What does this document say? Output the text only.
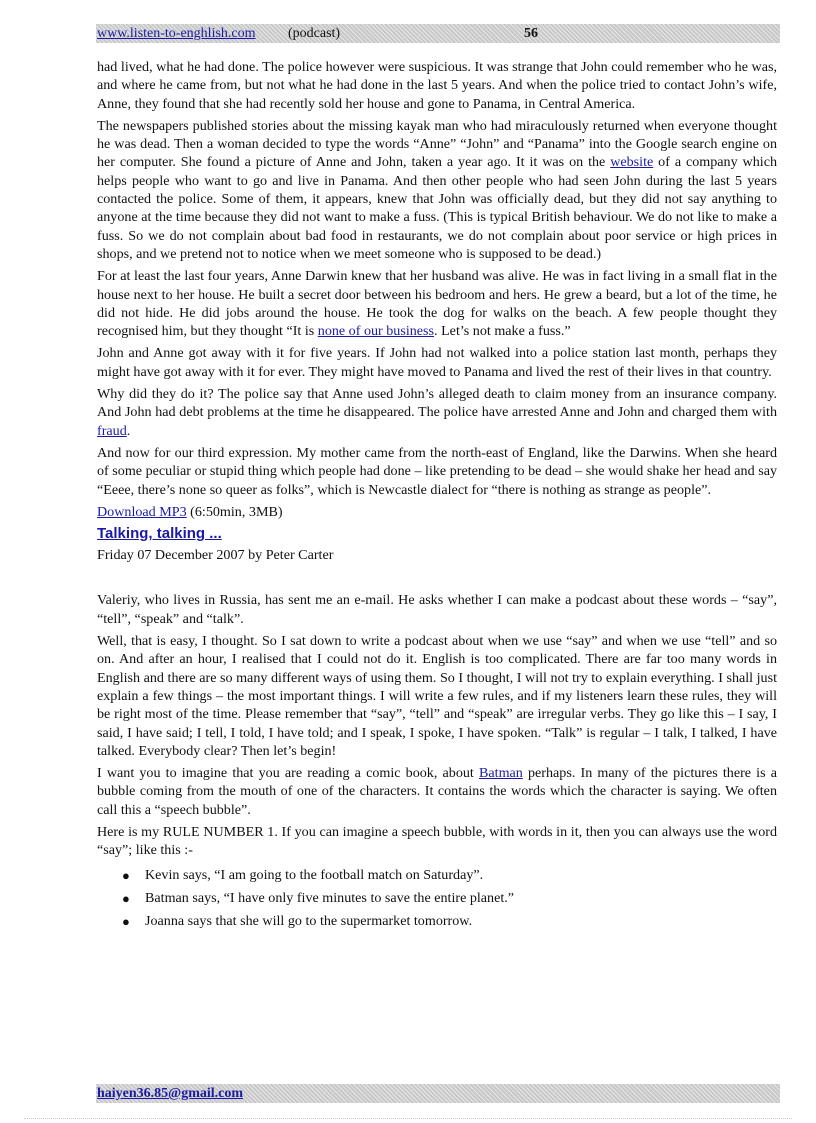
www.listen-to-enghlish.com (podcast)	56

had lived, what he had done. The police however were suspicious. It was strange that John could remember who he was, and where he came from, but not what he had done in the last 5 years. And when the police tried to contact John’s wife, Anne, they found that she had recently sold her house and gone to Panama, in Central America.

The newspapers published stories about the missing kayak man who had miraculously returned when everyone thought he was dead. Then a woman decided to type the words “Anne” “John” and “Panama” into the Google search engine on her computer. She found a picture of Anne and John, taken a year ago. It it was on the website of a company which helps people who want to go and live in Panama. And then other people who had seen John during the last 5 years contacted the police. Some of them, it appears, knew that John was officially dead, but they did not say anything to anyone at the time because they did not want to make a fuss. (This is typical British behaviour. We do not like to make a fuss. So we do not complain about bad food in restaurants, we do not complain about poor service or high prices in shops, and we pretend not to notice when we meet someone who is supposed to be dead.)

For at least the last four years, Anne Darwin knew that her husband was alive. He was in fact living in a small flat in the house next to her house. He built a secret door between his bedroom and hers. He grew a beard, but a lot of the time, he did not hide. He did jobs around the house. He took the dog for walks on the beach. A few people thought they recognised him, but they thought “It is none of our business. Let’s not make a fuss.”

John and Anne got away with it for five years. If John had not walked into a police station last month, perhaps they might have got away with it for ever. They might have moved to Panama and lived the rest of their lives in that country.

Why did they do it? The police say that Anne used John’s alleged death to claim money from an insurance company. And John had debt problems at the time he disappeared. The police have arrested Anne and John and charged them with fraud.

And now for our third expression. My mother came from the north-east of England, like the Darwins. When she heard of some peculiar or stupid thing which people had done – like pretending to be dead – she would shake her head and say “Eeee, there’s none so queer as folks”, which is Newcastle dialect for “there is nothing as strange as people”.

Download MP3 (6:50min, 3MB)

Talking, talking ...

Friday 07 December 2007 by Peter Carter

Valeriy, who lives in Russia, has sent me an e-mail. He asks whether I can make a podcast about these words – “say”, “tell”, “speak” and “talk”.

Well, that is easy, I thought. So I sat down to write a podcast about when we use “say” and when we use “tell” and so on. And after an hour, I realised that I could not do it. English is too complicated. There are far too many words in English and there are so many different ways of using them. So I thought, I will not try to explain everything. I shall just explain a few things – the most important things. I will write a few rules, and if my listeners learn these rules, they will be right most of the time. Please remember that “say”, “tell” and “speak” are irregular verbs. They go like this – I say, I said, I have said; I tell, I told, I have told; and I speak, I spoke, I have spoken. “Talk” is regular – I talk, I talked, I have talked. Everybody clear? Then let’s begin!

I want you to imagine that you are reading a comic book, about Batman perhaps. In many of the pictures there is a bubble coming from the mouth of one of the characters. It contains the words which the character is saying. We often call this a “speech bubble”.

Here is my RULE NUMBER 1. If you can imagine a speech bubble, with words in it, then you can always use the word “say”; like this :-

● Kevin says, “I am going to the football match on Saturday”.
● Batman says, “I have only five minutes to save the entire planet.”
● Joanna says that she will go to the supermarket tomorrow.
haiyen36.85@gmail.com
